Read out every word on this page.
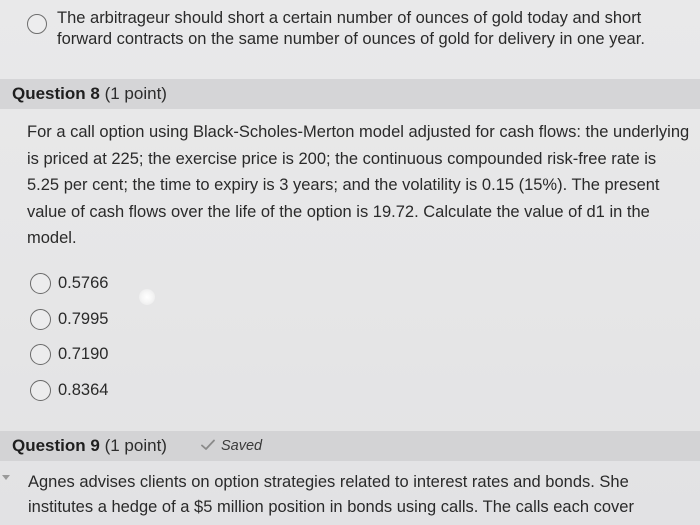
The arbitrageur should short a certain number of ounces of gold today and short forward contracts on the same number of ounces of gold for delivery in one year.
Question 8 (1 point)
For a call option using Black-Scholes-Merton model adjusted for cash flows: the underlying is priced at 225; the exercise price is 200; the continuous compounded risk-free rate is 5.25 per cent; the time to expiry is 3 years; and the volatility is 0.15 (15%). The present value of cash flows over the life of the option is 19.72. Calculate the value of d1 in the model.
0.5766
0.7995
0.7190
0.8364
Question 9 (1 point)	Saved
Agnes advises clients on option strategies related to interest rates and bonds. She institutes a hedge of a $5 million position in bonds using calls. The calls each cover
